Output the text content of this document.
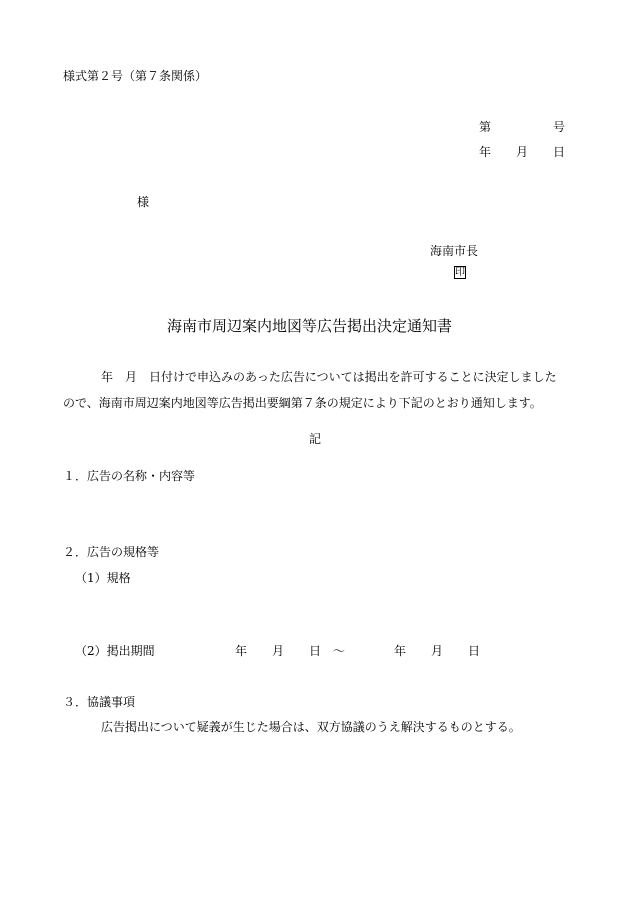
様式第２号（第７条関係）
第	号
年 月 日
様
海南市長
印
海南市周辺案内地図等広告掲出決定通知書
年　月　日付けで申込みのあった広告については掲出を許可することに決定しました
ので、海南市周辺案内地図等広告掲出要綱第７条の規定により下記のとおり通知します。
記
１．広告の名称・内容等
２．広告の規格等
（1）規格
（2）掲出期間	年 月 日 ～	年 月 日
３．協議事項
広告掲出について疑義が生じた場合は、双方協議のうえ解決するものとする。
